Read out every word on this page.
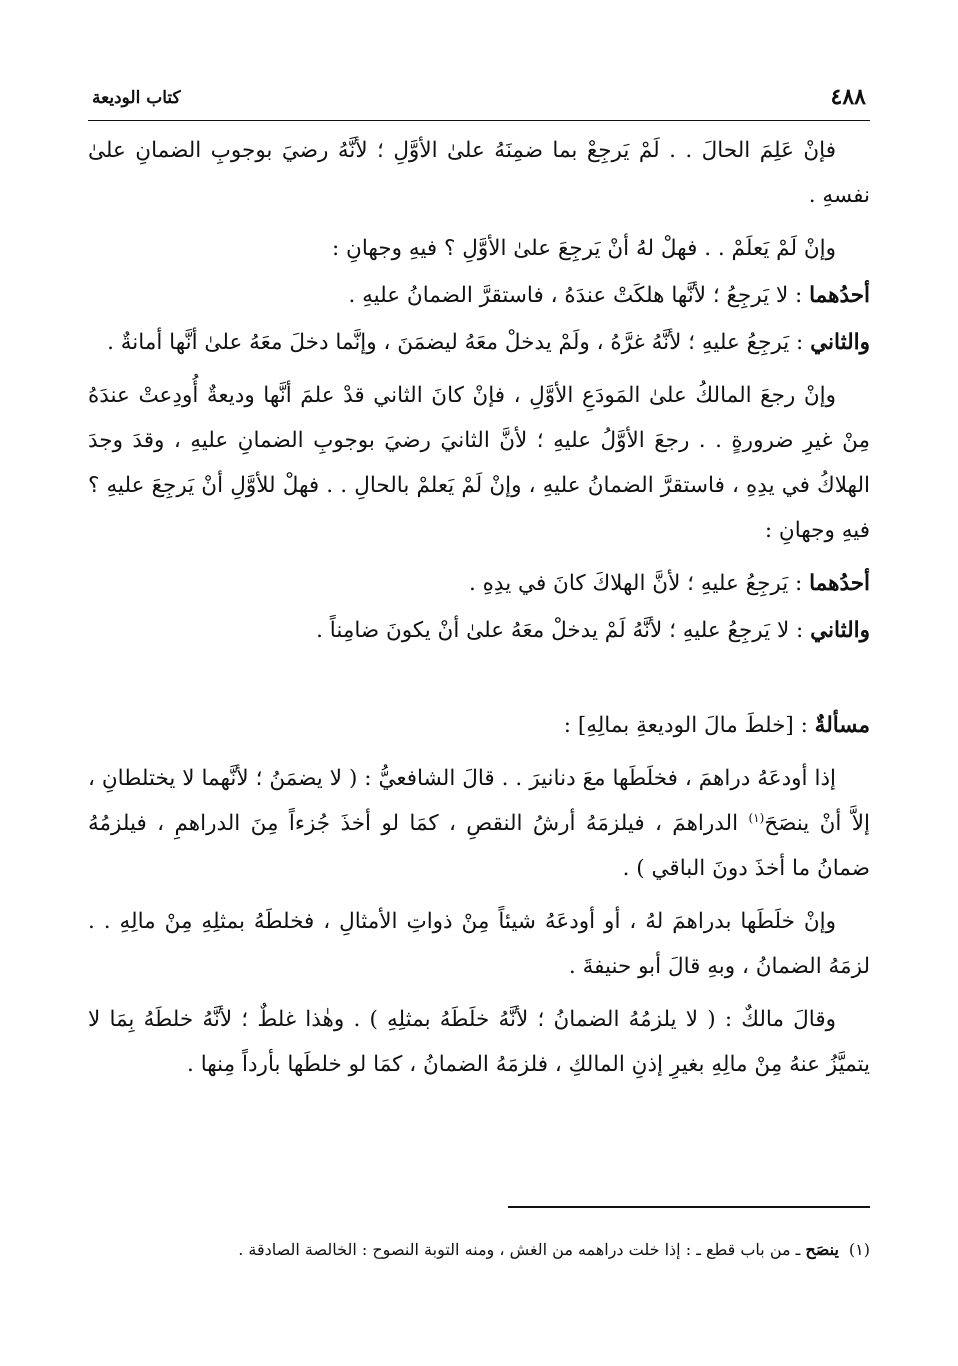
٤٨٨
كتاب الوديعة

فإنْ عَلِمَ الحالَ . . لَمْ يَرجِعْ بما ضمِنَهُ علىٰ الأوَّلِ ؛ لأنَّهُ رضيَ بوجوبِ الضمانِ علىٰ نفسهِ .

وإنْ لَمْ يَعلَمْ . . فهلْ لهُ أنْ يَرجِعَ علىٰ الأوَّلِ ؟ فيهِ وجهانِ :

أحدُهما : لا يَرجِعُ ؛ لأنَّها هلكَتْ عندَهُ ، فاستقرَّ الضمانُ عليهِ .

والثاني : يَرجِعُ عليهِ ؛ لأنَّهُ غرَّهُ ، ولَمْ يدخلْ معَهُ ليضمَنَ ، وإنَّما دخلَ معَهُ علىٰ أنَّها أمانةٌ .

وإنْ رجعَ المالكُ علىٰ المَودَعِ الأوَّلِ ، فإنْ كانَ الثاني قدْ علمَ أنَّها وديعةٌ أُودِعتْ عندَهُ مِنْ غيرِ ضرورةٍ . . رجعَ الأوَّلُ عليهِ ؛ لأنَّ الثانيَ رضيَ بوجوبِ الضمانِ عليهِ ، وقدَ وجدَ الهلاكُ في يدِهِ ، فاستقرَّ الضمانُ عليهِ ، وإنْ لَمْ يَعلمْ بالحالِ . . فهلْ للأوَّلِ أنْ يَرجِعَ عليهِ ؟ فيهِ وجهانِ :

أحدُهما : يَرجِعُ عليهِ ؛ لأنَّ الهلاكَ كانَ في يدِهِ .

والثاني : لا يَرجِعُ عليهِ ؛ لأنَّهُ لَمْ يدخلْ معَهُ علىٰ أنْ يكونَ ضامِناً .

مسألةٌ : [خلطَ مالَ الوديعةِ بمالِهِ] :

إذا أودعَهُ دراهمَ ، فخلَطَها معَ دنانيرَ . . قالَ الشافعيُّ : ( لا يضمَنُ ؛ لأنَّهما لا يختلطانِ ، إلاَّ أنْ ينصَحَ$^{(١)}$ الدراهمَ ، فيلزمَهُ أرشُ النقصِ ، كمَا لو أخذَ جُزءاً مِنَ الدراهمِ ، فيلزمُهُ ضمانُ ما أخذَ دونَ الباقي ) .

وإنْ خلَطَها بدراهمَ لهُ ، أو أودعَهُ شيئاً مِنْ ذواتِ الأمثالِ ، فخلطَهُ بمثلِهِ مِنْ مالِهِ . . لزمَهُ الضمانُ ، وبهِ قالَ أبو حنيفةَ .

وقالَ مالكٌ : ( لا يلزمُهُ الضمانُ ؛ لأنَّهُ خلَطَهُ بمثلِهِ ) . وهٰذا غلطٌ ؛ لأنَّهُ خلطَهُ بِمَا لا يتميَّزُ عنهُ مِنْ مالِهِ بغيرِ إذنِ المالكِ ، فلزمَهُ الضمانُ ، كمَا لو خلطَها بأرداً مِنها .

(١)ينصَح ـ من باب قطع ـ : إذا خلت دراهمه من الغش ، ومنه التوبة النصوح : الخالصة الصادقة .
